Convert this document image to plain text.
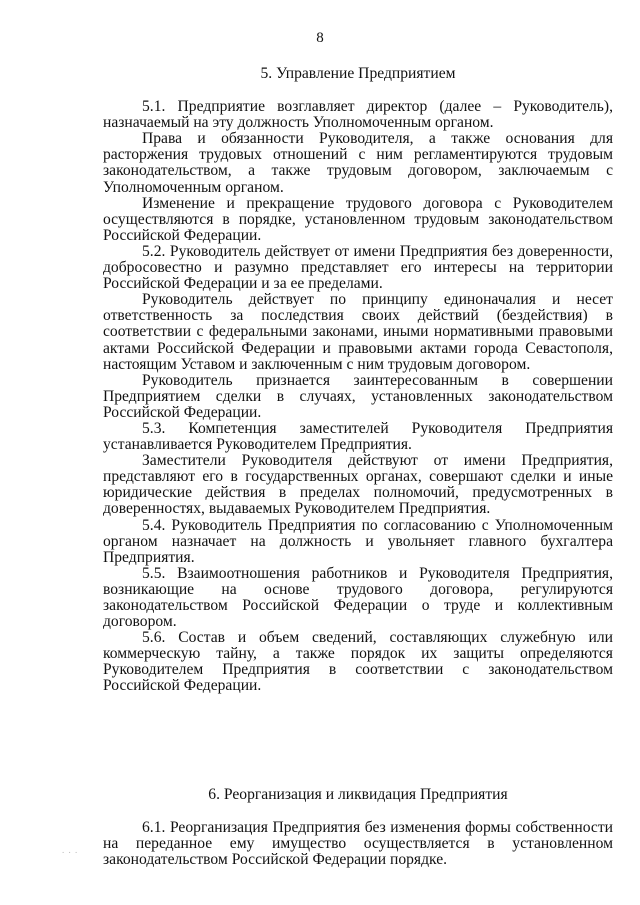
8

5. Управление Предприятием

5.1. Предприятие возглавляет директор (далее – Руководитель), назначаемый на эту должность Уполномоченным органом.

Права и обязанности Руководителя, а также основания для расторжения трудовых отношений с ним регламентируются трудовым законодательством, а также трудовым договором, заключаемым с Уполномоченным органом.

Изменение и прекращение трудового договора с Руководителем осуществляются в порядке, установленном трудовым законодательством Российской Федерации.

5.2. Руководитель действует от имени Предприятия без доверенности, добросовестно и разумно представляет его интересы на территории Российской Федерации и за ее пределами.

Руководитель действует по принципу единоначалия и несет ответственность за последствия своих действий (бездействия) в соответствии с федеральными законами, иными нормативными правовыми актами Российской Федерации и правовыми актами города Севастополя, настоящим Уставом и заключенным с ним трудовым договором.

Руководитель признается заинтересованным в совершении Предприятием сделки в случаях, установленных законодательством Российской Федерации.

5.3. Компетенция заместителей Руководителя Предприятия устанавливается Руководителем Предприятия.

Заместители Руководителя действуют от имени Предприятия, представляют его в государственных органах, совершают сделки и иные юридические действия в пределах полномочий, предусмотренных в доверенностях, выдаваемых Руководителем Предприятия.

5.4. Руководитель Предприятия по согласованию с Уполномоченным органом назначает на должность и увольняет главного бухгалтера Предприятия.

5.5. Взаимоотношения работников и Руководителя Предприятия, возникающие на основе трудового договора, регулируются законодательством Российской Федерации о труде и коллективным договором.

5.6. Состав и объем сведений, составляющих служебную или коммерческую тайну, а также порядок их защиты определяются Руководителем Предприятия в соответствии с законодательством Российской Федерации.

6. Реорганизация и ликвидация Предприятия

6.1. Реорганизация Предприятия без изменения формы собственности на переданное ему имущество осуществляется в установленном законодательством Российской Федерации порядке.

. . .
